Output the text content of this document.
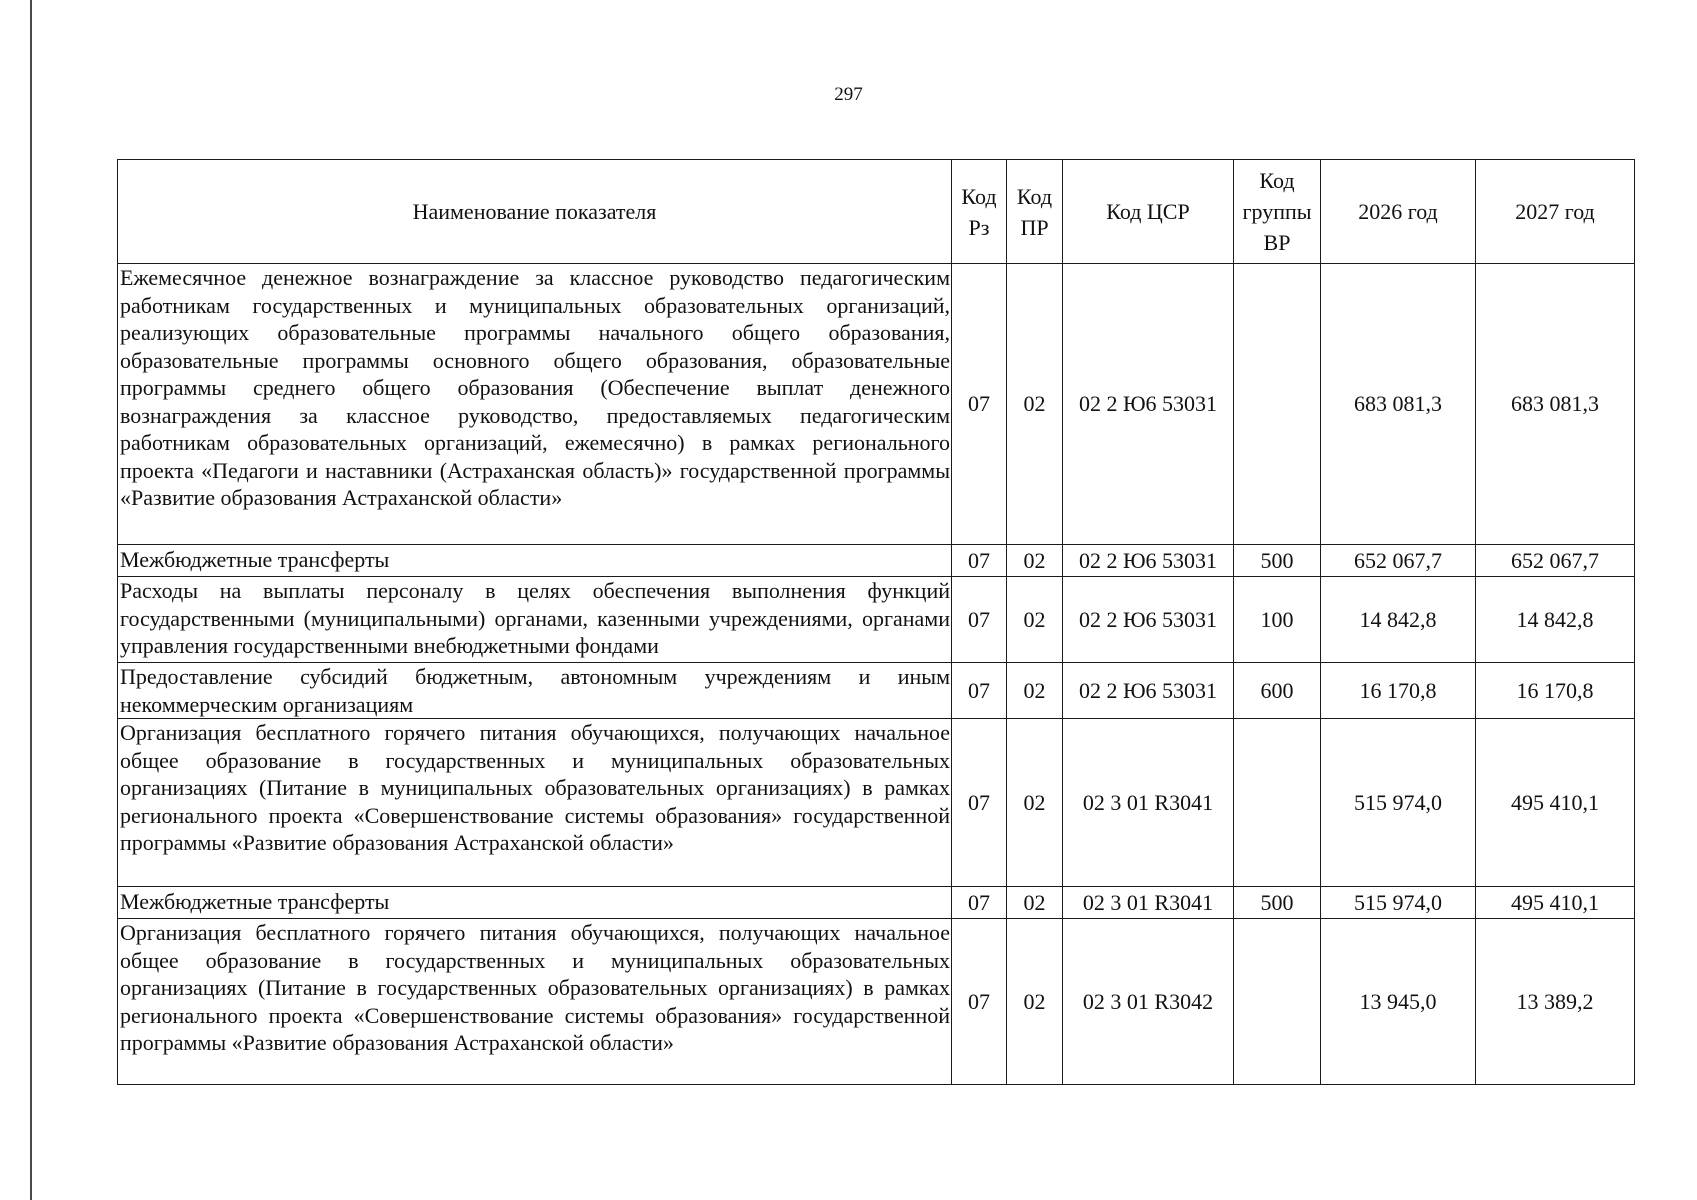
297
Наименование показателя	Код Рз	Код ПР	Код ЦСР	Код группы ВР	2026 год	2027 год
Ежемесячное денежное вознаграждение за классное руководство педагогическим работникам государственных и муниципальных образовательных организаций, реализующих образовательные программы начального общего образования, образовательные программы основного общего образования, образовательные программы среднего общего образования (Обеспечение выплат денежного вознаграждения за классное руководство, предоставляемых педагогическим работникам образовательных организаций, ежемесячно) в рамках регионального проекта «Педагоги и наставники (Астраханская область)» государственной программы «Развитие образования Астраханской области»	07	02	02 2 Ю6 53031		683 081,3	683 081,3
Межбюджетные трансферты	07	02	02 2 Ю6 53031	500	652 067,7	652 067,7
Расходы на выплаты персоналу в целях обеспечения выполнения функций государственными (муниципальными) органами, казенными учреждениями, органами управления государственными внебюджетными фондами	07	02	02 2 Ю6 53031	100	14 842,8	14 842,8
Предоставление субсидий бюджетным, автономным учреждениям и иным некоммерческим организациям	07	02	02 2 Ю6 53031	600	16 170,8	16 170,8
Организация бесплатного горячего питания обучающихся, получающих начальное общее образование в государственных и муниципальных образовательных организациях (Питание в муниципальных образовательных организациях) в рамках регионального проекта «Совершенствование системы образования» государственной программы «Развитие образования Астраханской области»	07	02	02 3 01 R3041		515 974,0	495 410,1
Межбюджетные трансферты	07	02	02 3 01 R3041	500	515 974,0	495 410,1
Организация бесплатного горячего питания обучающихся, получающих начальное общее образование в государственных и муниципальных образовательных организациях (Питание в государственных образовательных организациях) в рамках регионального проекта «Совершенствование системы образования» государственной программы «Развитие образования Астраханской области»	07	02	02 3 01 R3042		13 945,0	13 389,2
